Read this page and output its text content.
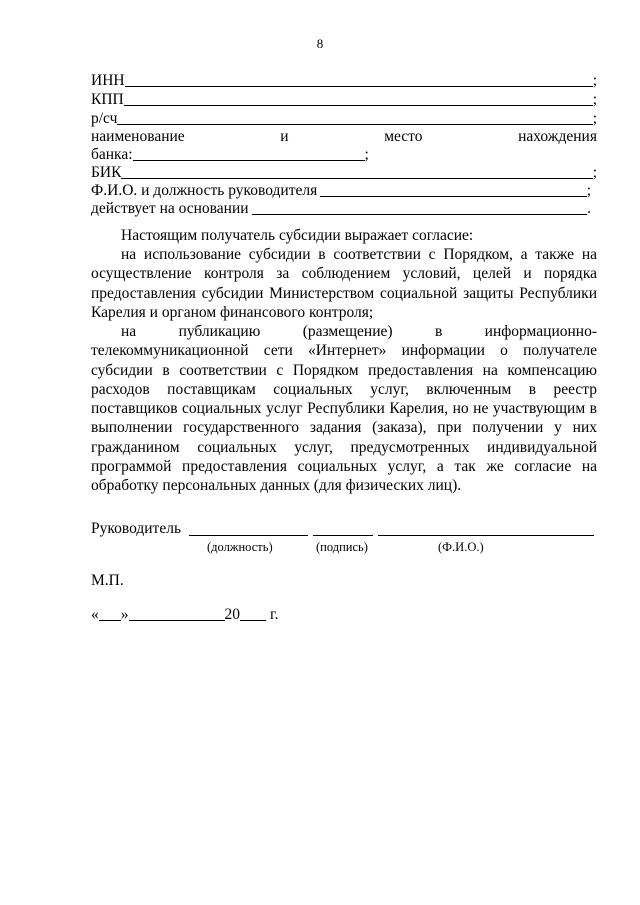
8
ИНН	;
КПП	;
р/сч	;
наименование	и	место	нахождения
банка:	;
БИК	;
Ф.И.О. и должность руководителя	;
действует на основании	.
Настоящим получатель субсидии выражает согласие:
на использование субсидии в соответствии с Порядком, а также на осуществление контроля за соблюдением условий, целей и порядка предоставления субсидии Министерством социальной защиты Республики Карелия и органом финансового контроля;
на публикацию (размещение) в информационно-телекоммуникационной сети «Интернет» информации о получателе субсидии в соответствии с Порядком предоставления на компенсацию расходов поставщикам социальных услуг, включенным в реестр поставщиков социальных услуг Республики Карелия, но не участвующим в выполнении государственного задания (заказа), при получении у них гражданином социальных услуг, предусмотренных индивидуальной программой предоставления социальных услуг, а так же согласие на обработку персональных данных (для физических лиц).
Руководитель
(должность)	(подпись)	(Ф.И.О.)
М.П.
« »	20 г.
